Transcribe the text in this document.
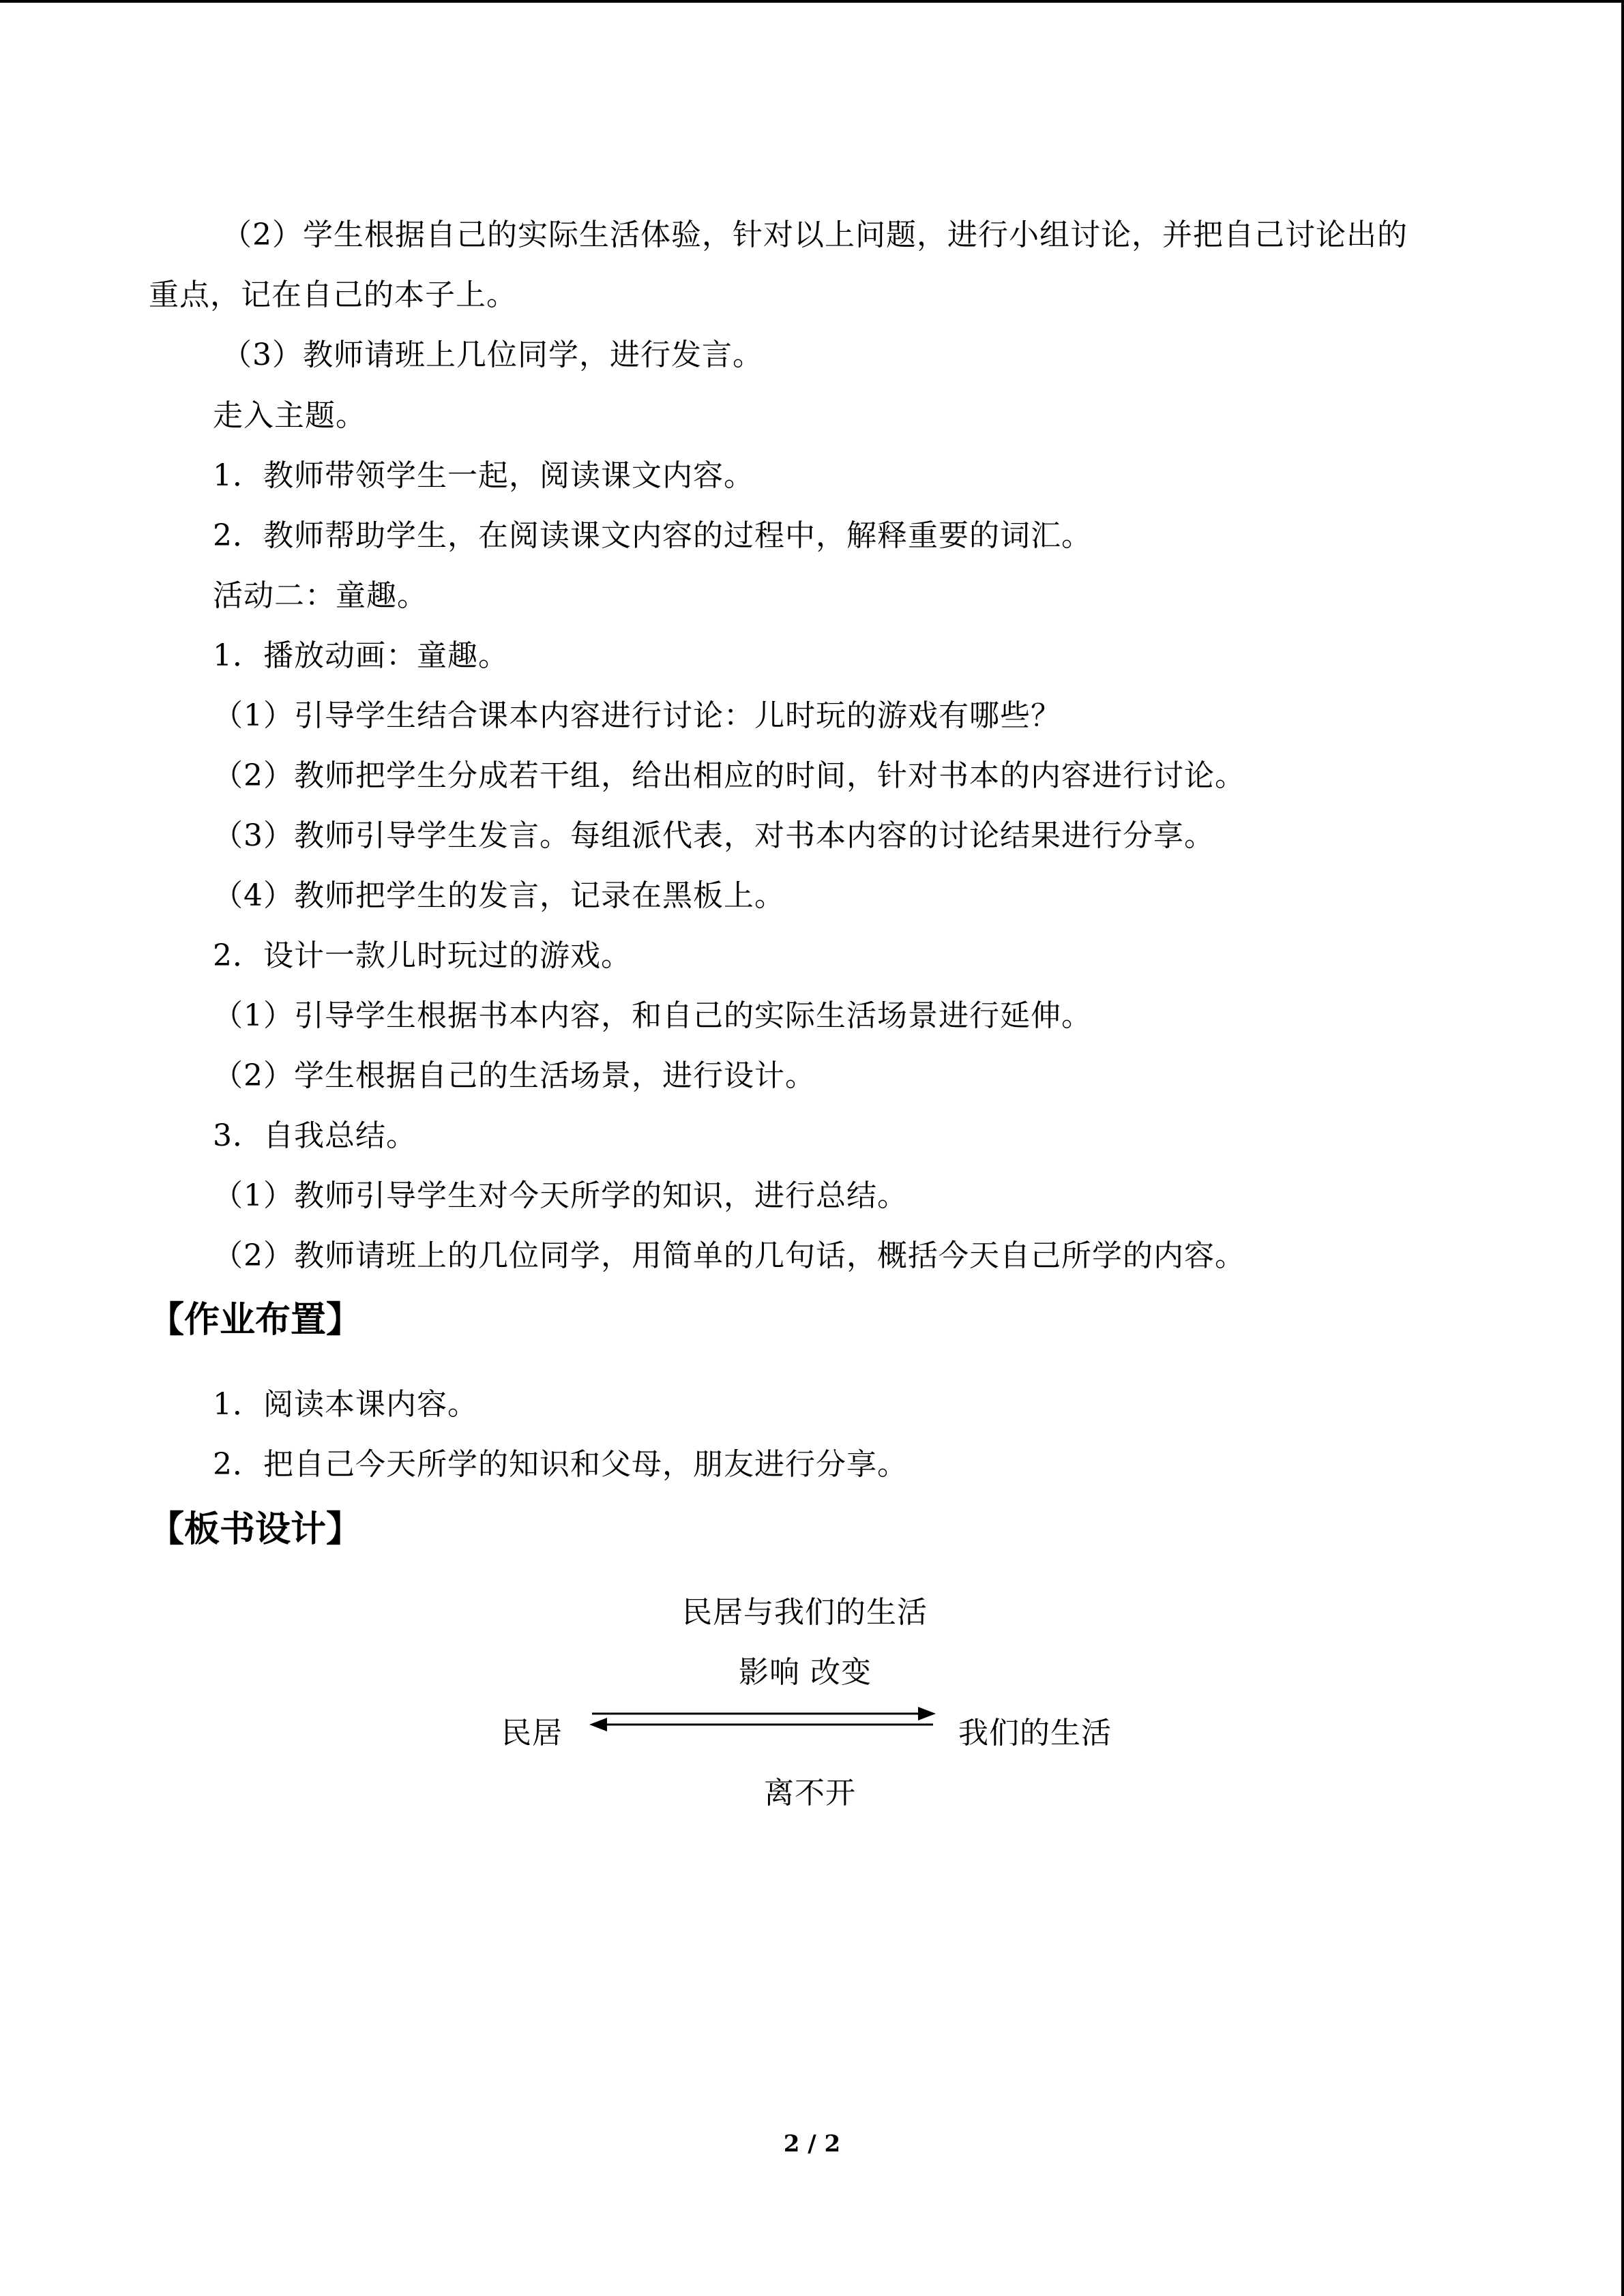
（2）学生根据自己的实际生活体验，针对以上问题，进行小组讨论，并把自己讨论出的
重点，记在自己的本子上。
（3）教师请班上几位同学，进行发言。
走入主题。
1．教师带领学生一起，阅读课文内容。
2．教师帮助学生，在阅读课文内容的过程中，解释重要的词汇。
活动二：童趣。
1．播放动画：童趣。
（1）引导学生结合课本内容进行讨论：儿时玩的游戏有哪些？
（2）教师把学生分成若干组，给出相应的时间，针对书本的内容进行讨论。
（3）教师引导学生发言。每组派代表，对书本内容的讨论结果进行分享。
（4）教师把学生的发言，记录在黑板上。
2．设计一款儿时玩过的游戏。
（1）引导学生根据书本内容，和自己的实际生活场景进行延伸。
（2）学生根据自己的生活场景，进行设计。
3．自我总结。
（1）教师引导学生对今天所学的知识，进行总结。
（2）教师请班上的几位同学，用简单的几句话，概括今天自己所学的内容。
【作业布置】
1．阅读本课内容。
2．把自己今天所学的知识和父母，朋友进行分享。
【板书设计】
民居与我们的生活
影响 改变
民居	我们的生活
离不开
2 / 2
